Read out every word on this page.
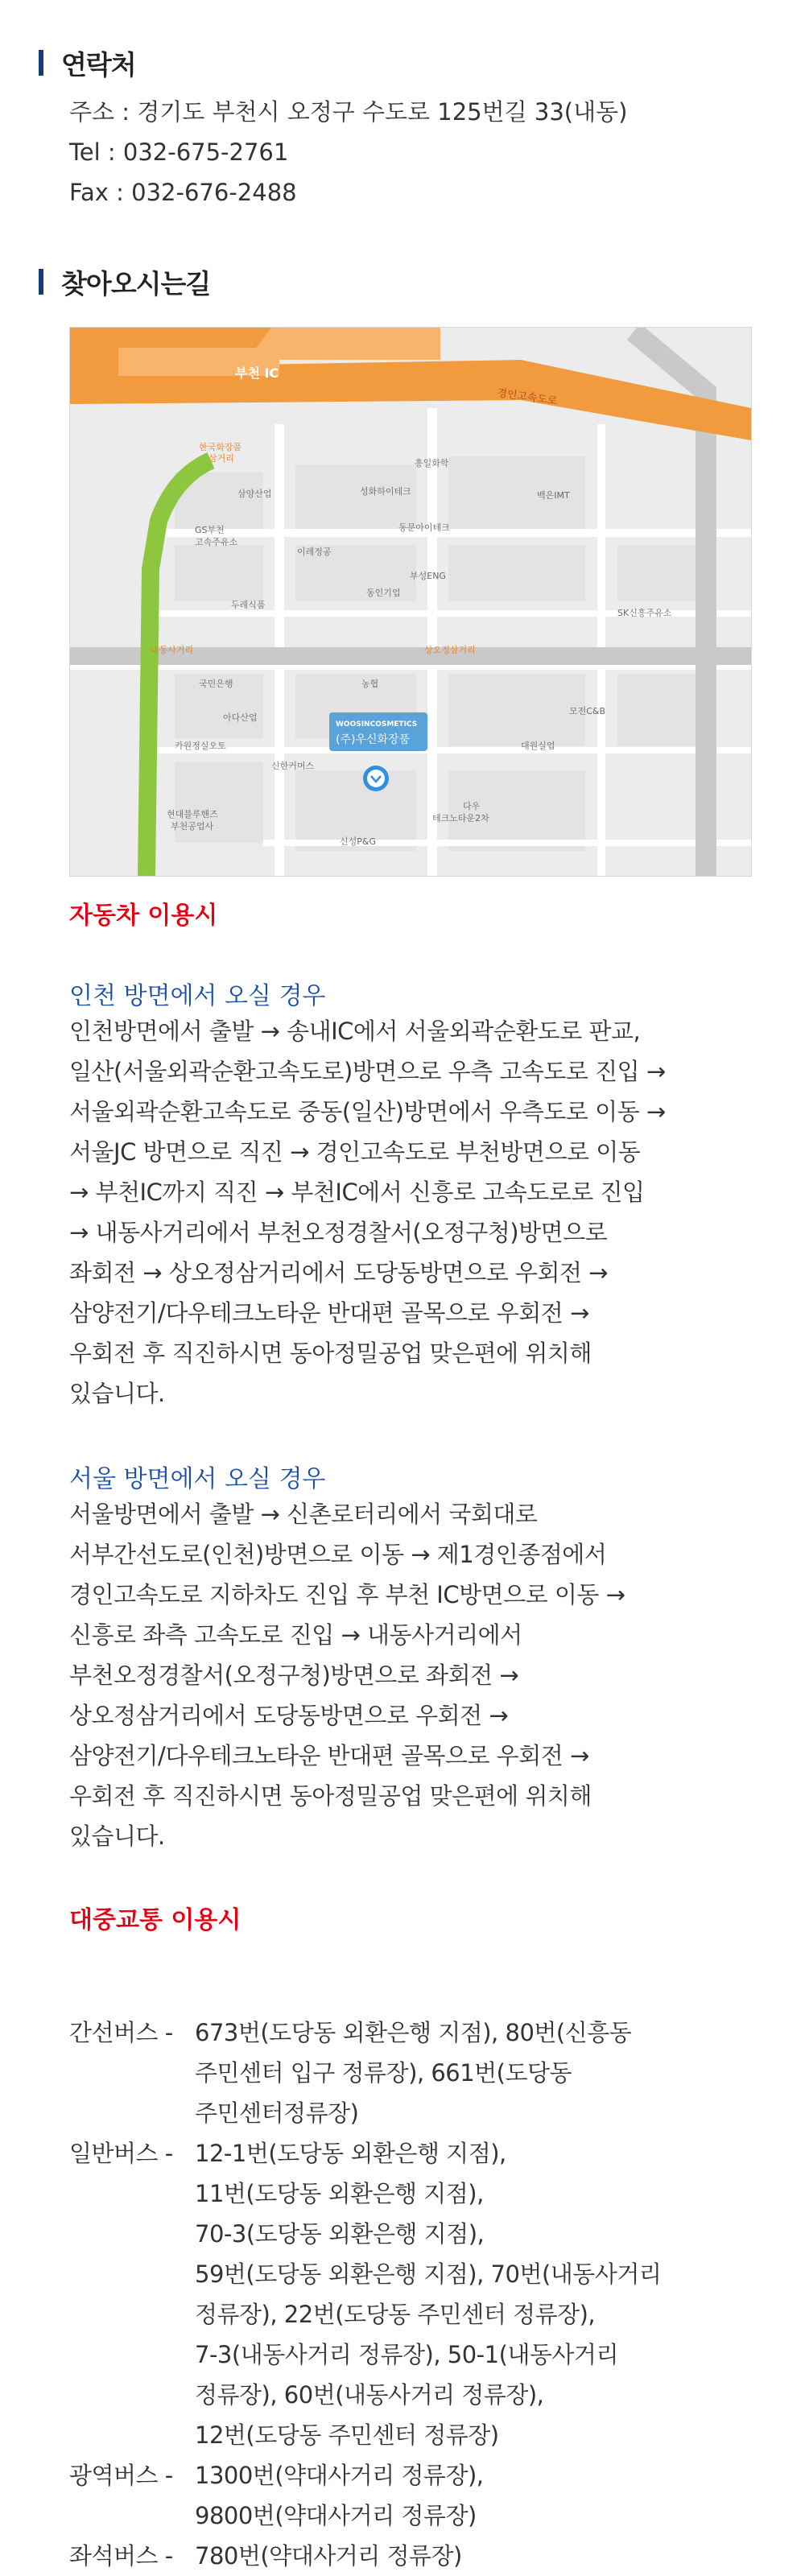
연락처
주소 : 경기도 부천시 오정구 수도로 125번길 33(내동)
Tel : 032-675-2761
Fax : 032-676-2488
찾아오시는길
부천 IC
경인고속도로
한국화장품
삼거리	흥일화학
삼양산업	성화하이테크	백은IMT
GS부천
고속주유소
동문아이테크
이레정공
부성ENG
동인기업
두레식품
SK신흥주유소
내동사거리	상오정삼거리
국민은행	농협
아다산업
모전C&B
카원정실오토	대원실업
신한커머스
현대블루핸즈
부천공업사
신성P&G
다우
테크노타운2차
WOOSINCOSMETICS
(주)우신화장품
자동차 이용시
인천 방면에서 오실 경우
인천방면에서 출발 → 송내IC에서 서울외곽순환도로 판교,
일산(서울외곽순환고속도로)방면으로 우측 고속도로 진입 →
서울외곽순환고속도로 중동(일산)방면에서 우측도로 이동 →
서울JC 방면으로 직진 → 경인고속도로 부천방면으로 이동
→ 부천IC까지 직진 → 부천IC에서 신흥로 고속도로로 진입
→ 내동사거리에서 부천오정경찰서(오정구청)방면으로
좌회전 → 상오정삼거리에서 도당동방면으로 우회전 →
삼양전기/다우테크노타운 반대편 골목으로 우회전 →
우회전 후 직진하시면 동아정밀공업 맞은편에 위치해
있습니다.
서울 방면에서 오실 경우
서울방면에서 출발 → 신촌로터리에서 국회대로
서부간선도로(인천)방면으로 이동 → 제1경인종점에서
경인고속도로 지하차도 진입 후 부천 IC방면으로 이동 →
신흥로 좌측 고속도로 진입 → 내동사거리에서
부천오정경찰서(오정구청)방면으로 좌회전 →
상오정삼거리에서 도당동방면으로 우회전 →
삼양전기/다우테크노타운 반대편 골목으로 우회전 →
우회전 후 직진하시면 동아정밀공업 맞은편에 위치해
있습니다.
대중교통 이용시
간선버스 - 673번(도당동 외환은행 지점), 80번(신흥동
주민센터 입구 정류장), 661번(도당동
주민센터정류장)
일반버스 - 12-1번(도당동 외환은행 지점),
11번(도당동 외환은행 지점),
70-3(도당동 외환은행 지점),
59번(도당동 외환은행 지점), 70번(내동사거리
정류장), 22번(도당동 주민센터 정류장),
7-3(내동사거리 정류장), 50-1(내동사거리
정류장), 60번(내동사거리 정류장),
12번(도당동 주민센터 정류장)
광역버스 - 1300번(약대사거리 정류장),
9800번(약대사거리 정류장)
좌석버스 - 780번(약대사거리 정류장)
